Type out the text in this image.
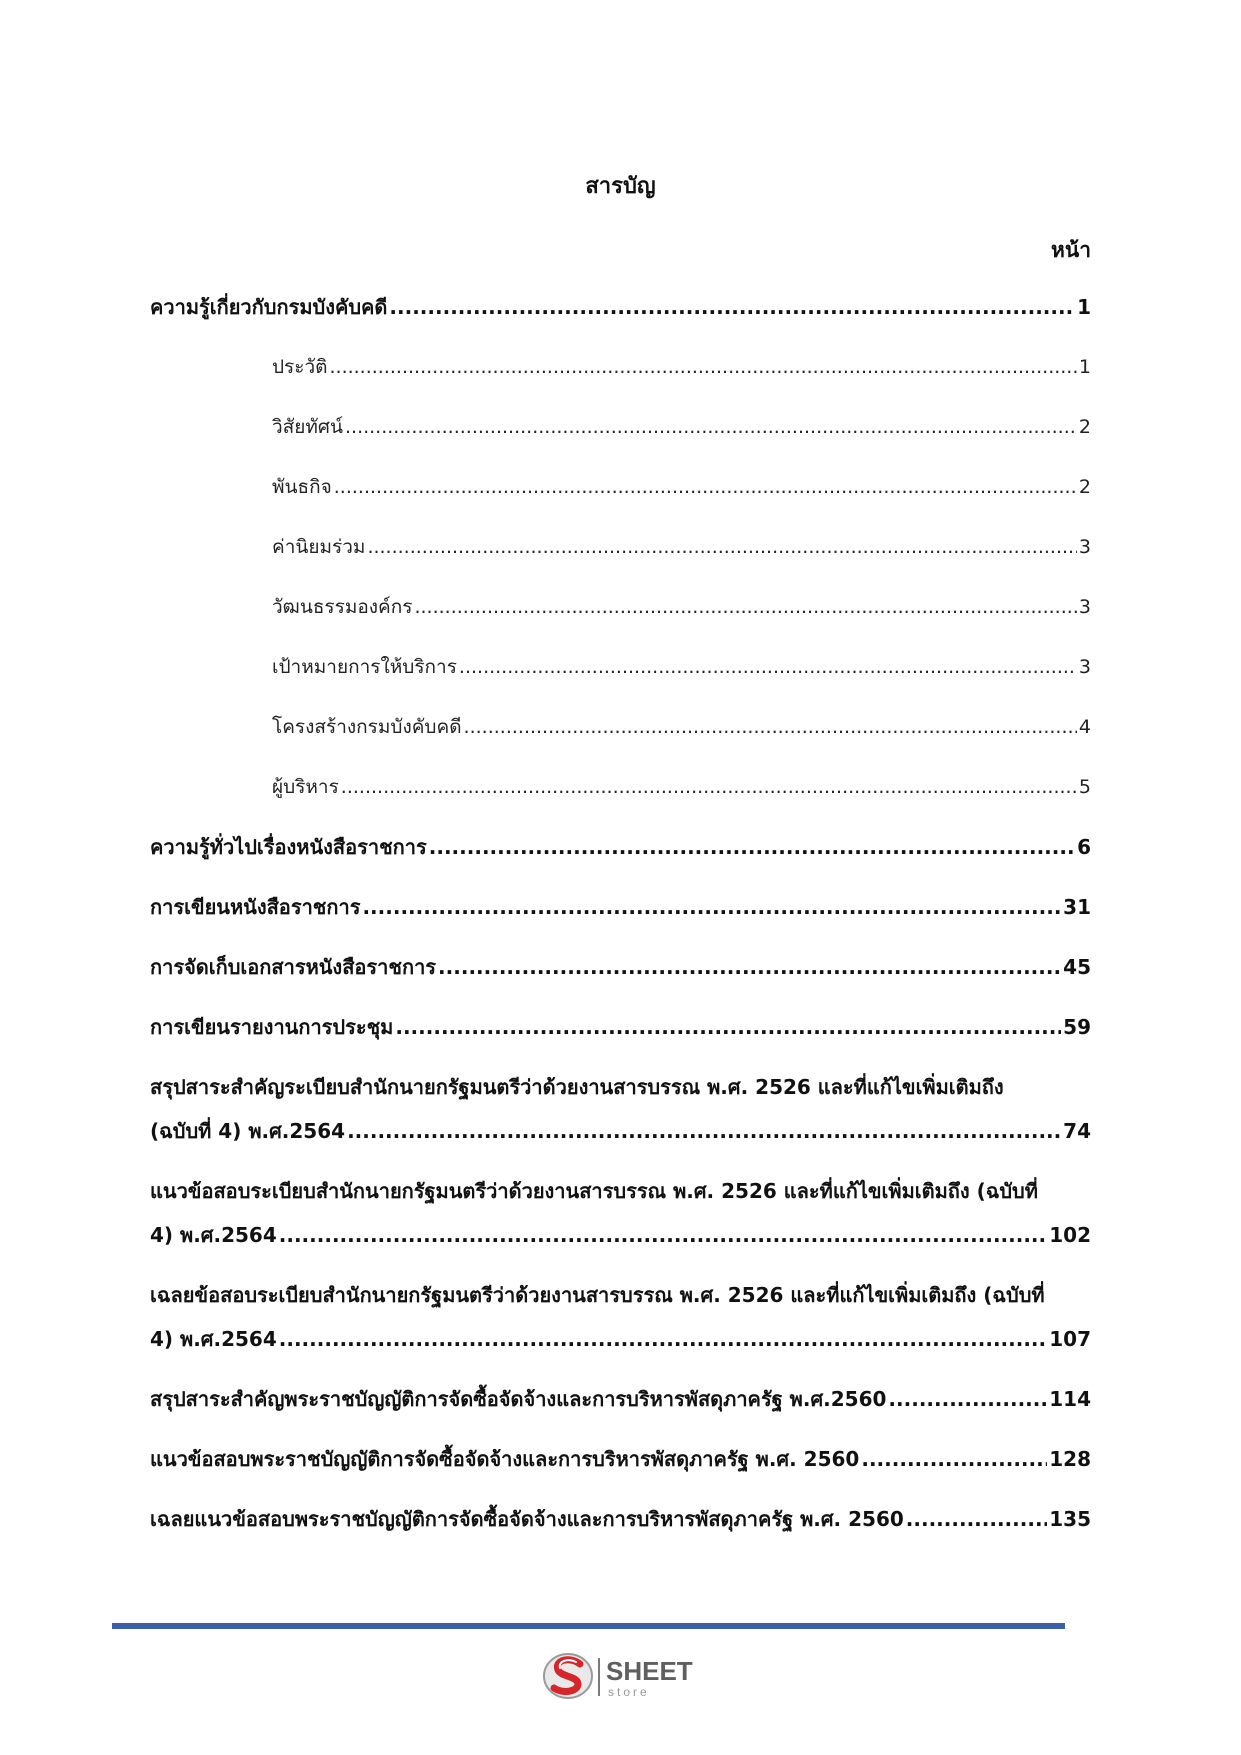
สารบัญ
หน้า
ความรู้เกี่ยวกับกรมบังคับคดี .....	1
ประวัติ .....	1
วิสัยทัศน์ .....	2
พันธกิจ .....	2
ค่านิยมร่วม .....	3
วัฒนธรรมองค์กร .....	3
เป้าหมายการให้บริการ .....	3
โครงสร้างกรมบังคับคดี .....	4
ผู้บริหาร .....	5
ความรู้ทั่วไปเรื่องหนังสือราชการ .....	6
การเขียนหนังสือราชการ .....	31
การจัดเก็บเอกสารหนังสือราชการ .....	45
การเขียนรายงานการประชุม .....	59
สรุปสาระสำคัญระเบียบสำนักนายกรัฐมนตรีว่าด้วยงานสารบรรณ พ.ศ. 2526 และที่แก้ไขเพิ่มเติมถึง
(ฉบับที่ 4) พ.ศ.2564 .....	74
แนวข้อสอบระเบียบสำนักนายกรัฐมนตรีว่าด้วยงานสารบรรณ พ.ศ. 2526 และที่แก้ไขเพิ่มเติมถึง (ฉบับที่
4) พ.ศ.2564 .....	102
เฉลยข้อสอบระเบียบสำนักนายกรัฐมนตรีว่าด้วยงานสารบรรณ พ.ศ. 2526 และที่แก้ไขเพิ่มเติมถึง (ฉบับที่
4) พ.ศ.2564 .....	107
สรุปสาระสำคัญพระราชบัญญัติการจัดซื้อจัดจ้างและการบริหารพัสดุภาครัฐ พ.ศ.2560 .....	114
แนวข้อสอบพระราชบัญญัติการจัดซื้อจัดจ้างและการบริหารพัสดุภาครัฐ พ.ศ. 2560 .....	128
เฉลยแนวข้อสอบพระราชบัญญัติการจัดซื้อจัดจ้างและการบริหารพัสดุภาครัฐ พ.ศ. 2560 .....	135
SHEET
store
